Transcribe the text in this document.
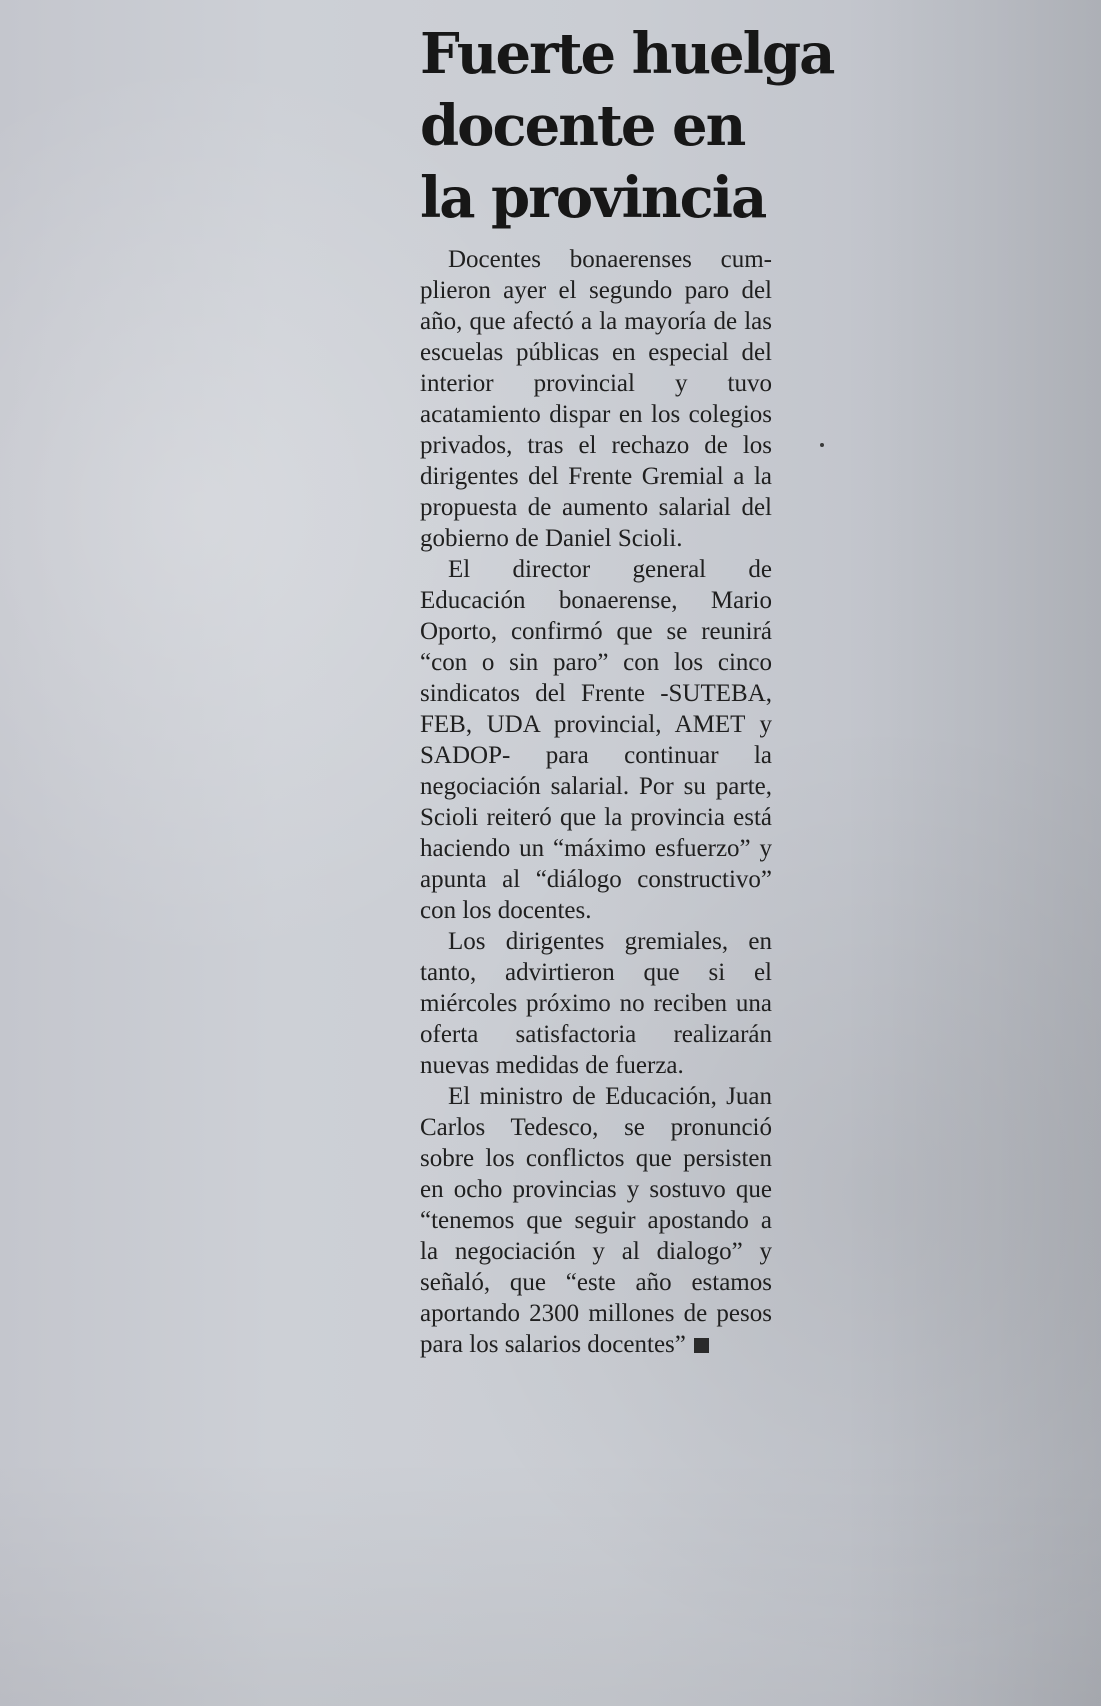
Fuerte huelga
docente en
la provincia

Docentes bonaerenses cumplieron ayer el segundo paro del año, que afectó a la mayoría de las escuelas públicas en especial del interior provincial y tuvo acatamiento dispar en los colegios privados, tras el rechazo de los dirigentes del Frente Gremial a la propuesta de aumento salarial del gobierno de Daniel Scioli.

El director general de Educación bonaerense, Mario Oporto, confirmó que se reunirá “con o sin paro” con los cinco sindicatos del Frente -SUTEBA, FEB, UDA provincial, AMET y SADOP- para continuar la negociación salarial. Por su parte, Scioli reiteró que la provincia está haciendo un “máximo esfuerzo” y apunta al “diálogo constructivo” con los docentes.

Los dirigentes gremiales, en tanto, advirtieron que si el miércoles próximo no reciben una oferta satisfactoria realizarán nuevas medidas de fuerza.

El ministro de Educación, Juan Carlos Tedesco, se pronunció sobre los conflictos que persisten en ocho provincias y sostuvo que “tenemos que seguir apostando a la negociación y al dialogo” y señaló, que “este año estamos aportando 2300 millones de pesos para los salarios docentes”
